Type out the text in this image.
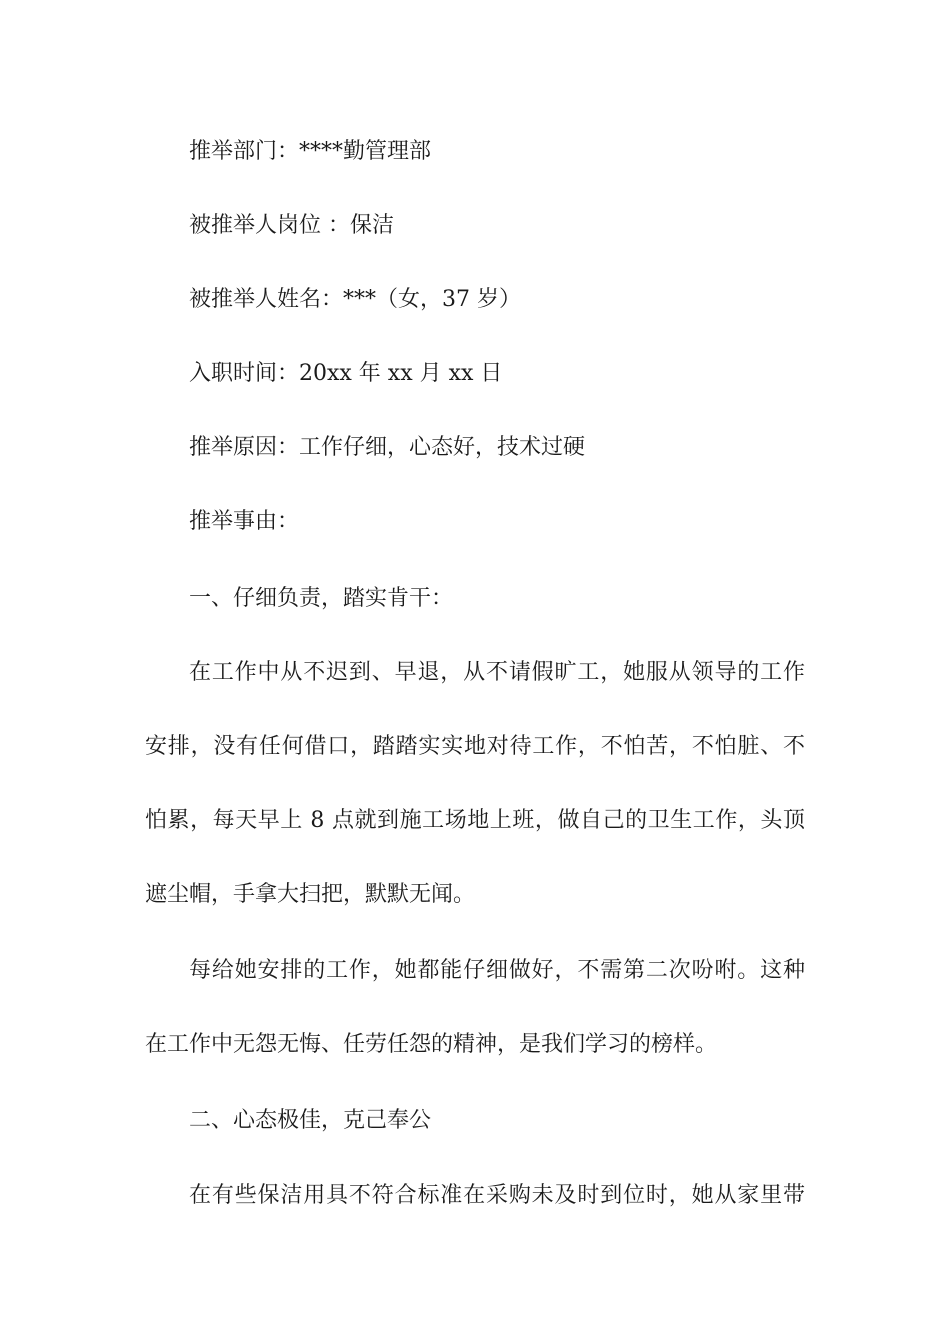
推举部门：****勤管理部
被推举人岗位 ：保洁
被推举人姓名：***（女，37 岁）
入职时间：20xx 年 xx 月 xx 日
推举原因：工作仔细，心态好，技术过硬
推举事由：
一、仔细负责，踏实肯干：
在工作中从不迟到、早退，从不请假旷工，她服从领导的工作
安排，没有任何借口，踏踏实实地对待工作，不怕苦，不怕脏、不
怕累，每天早上 8 点就到施工场地上班，做自己的卫生工作，头顶
遮尘帽，手拿大扫把，默默无闻。
每给她安排的工作，她都能仔细做好，不需第二次吩咐。这种
在工作中无怨无悔、任劳任怨的精神，是我们学习的榜样。
二、心态极佳，克己奉公
在有些保洁用具不符合标准在采购未及时到位时，她从家里带
